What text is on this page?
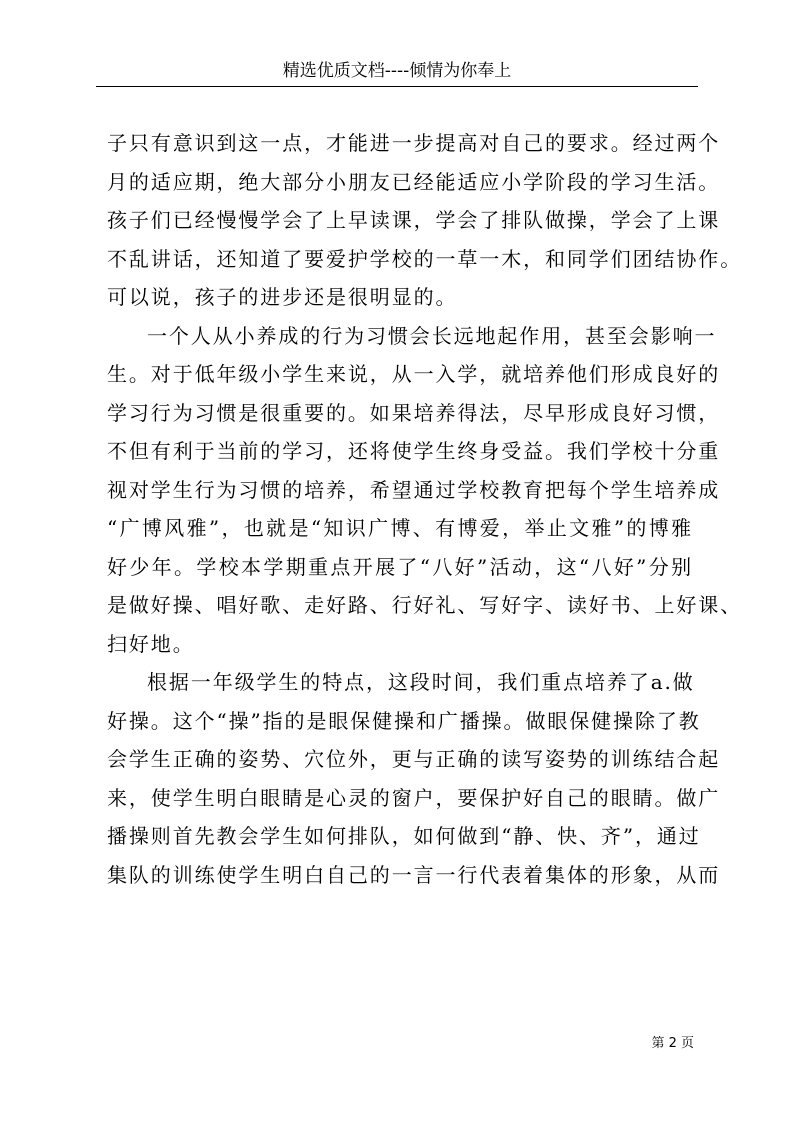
精选优质文档----倾情为你奉上

子只有意识到这一点，才能进一步提高对自己的要求。经过两个
月的适应期，绝大部分小朋友已经能适应小学阶段的学习生活。
孩子们已经慢慢学会了上早读课，学会了排队做操，学会了上课
不乱讲话，还知道了要爱护学校的一草一木，和同学们团结协作。
可以说，孩子的进步还是很明显的。

一个人从小养成的行为习惯会长远地起作用，甚至会影响一
生。对于低年级小学生来说，从一入学，就培养他们形成良好的
学习行为习惯是很重要的。如果培养得法，尽早形成良好习惯，
不但有利于当前的学习，还将使学生终身受益。我们学校十分重
视对学生行为习惯的培养，希望通过学校教育把每个学生培养成
“广博风雅”，也就是“知识广博、有博爱，举止文雅”的博雅
好少年。学校本学期重点开展了“八好”活动，这“八好”分别
是做好操、唱好歌、走好路、行好礼、写好字、读好书、上好课、
扫好地。

根据一年级学生的特点，这段时间，我们重点培养了a.做
好操。这个“操”指的是眼保健操和广播操。做眼保健操除了教
会学生正确的姿势、穴位外，更与正确的读写姿势的训练结合起
来，使学生明白眼睛是心灵的窗户，要保护好自己的眼睛。做广
播操则首先教会学生如何排队，如何做到“静、快、齐”，通过
集队的训练使学生明白自己的一言一行代表着集体的形象，从而

第 2 页
